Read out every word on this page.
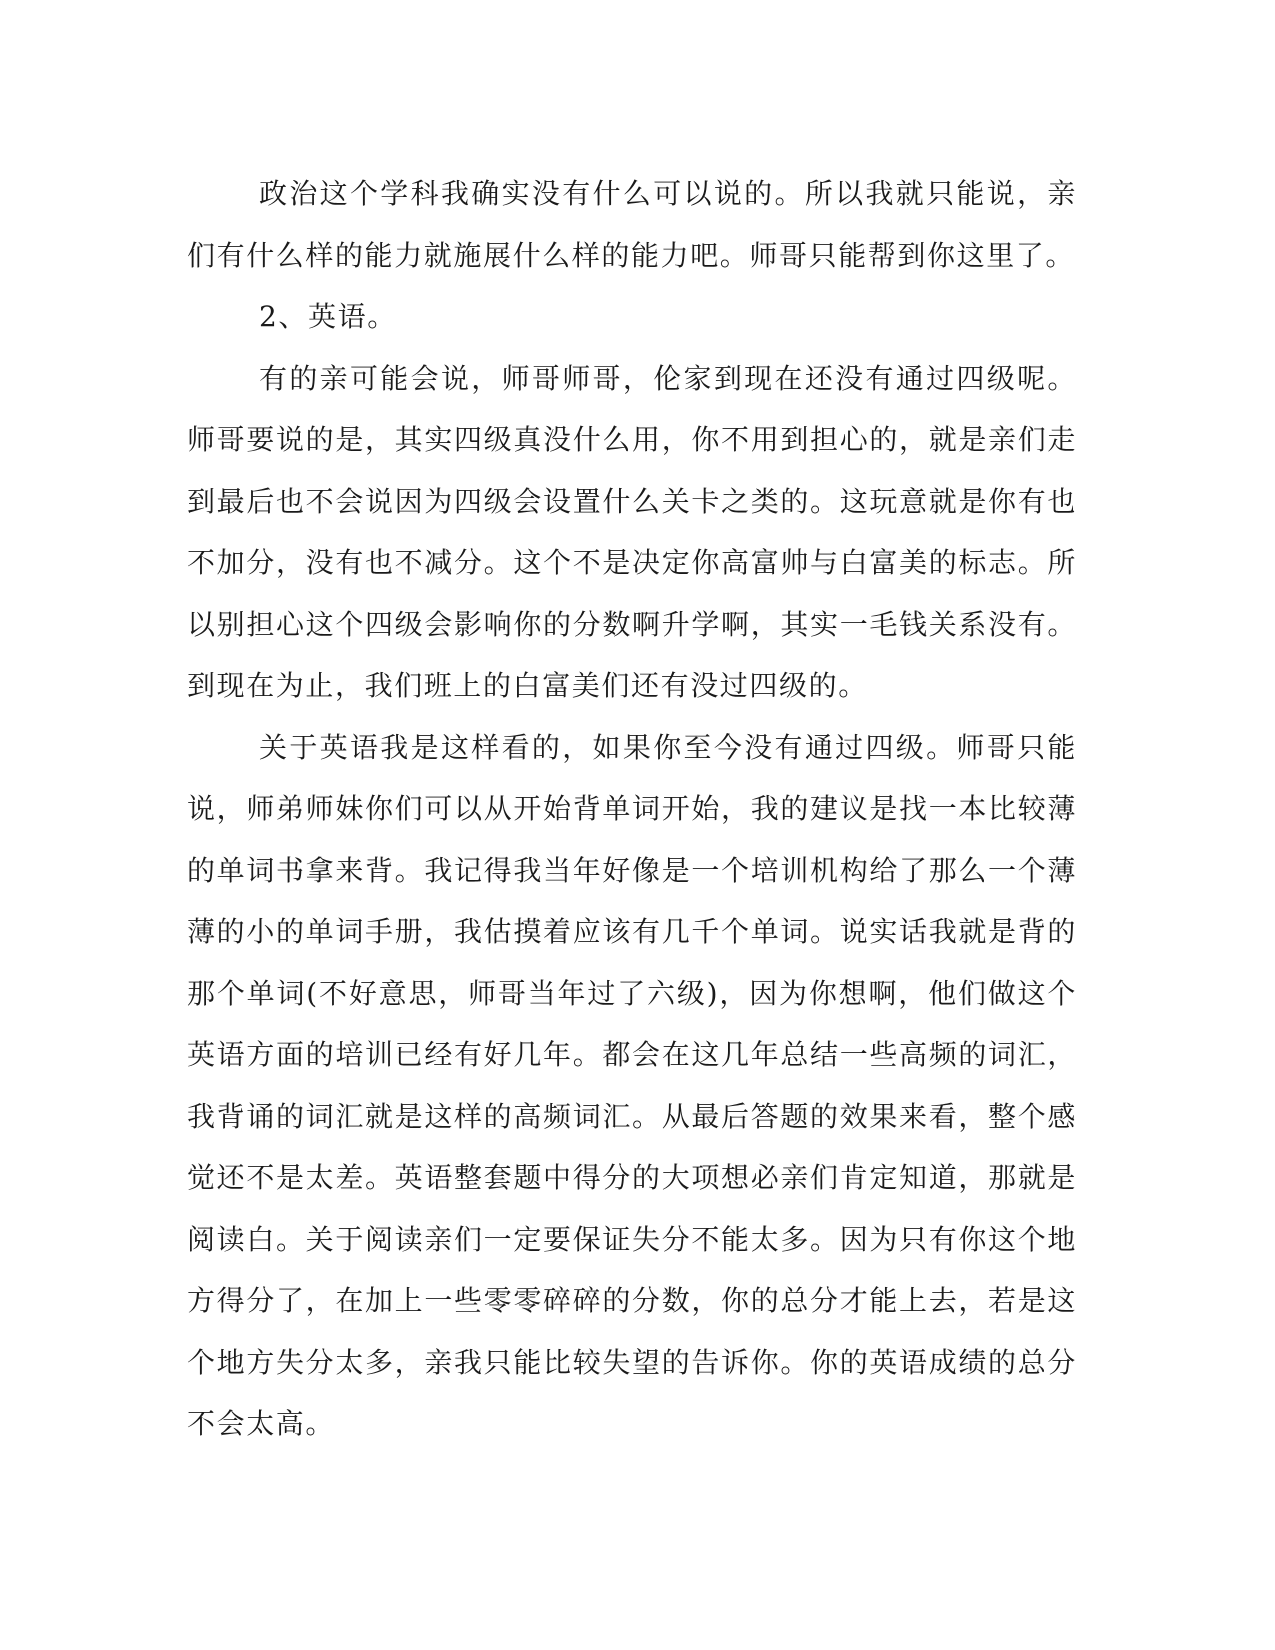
政治这个学科我确实没有什么可以说的。所以我就只能说，亲们有什么样的能力就施展什么样的能力吧。师哥只能帮到你这里了。

2、英语。

有的亲可能会说，师哥师哥，伦家到现在还没有通过四级呢。师哥要说的是，其实四级真没什么用，你不用到担心的，就是亲们走到最后也不会说因为四级会设置什么关卡之类的。这玩意就是你有也不加分，没有也不减分。这个不是决定你高富帅与白富美的标志。所以别担心这个四级会影响你的分数啊升学啊，其实一毛钱关系没有。到现在为止，我们班上的白富美们还有没过四级的。

关于英语我是这样看的，如果你至今没有通过四级。师哥只能说，师弟师妹你们可以从开始背单词开始，我的建议是找一本比较薄的单词书拿来背。我记得我当年好像是一个培训机构给了那么一个薄薄的小的单词手册，我估摸着应该有几千个单词。说实话我就是背的那个单词(不好意思，师哥当年过了六级)，因为你想啊，他们做这个英语方面的培训已经有好几年。都会在这几年总结一些高频的词汇，我背诵的词汇就是这样的高频词汇。从最后答题的效果来看，整个感觉还不是太差。英语整套题中得分的大项想必亲们肯定知道，那就是阅读白。关于阅读亲们一定要保证失分不能太多。因为只有你这个地方得分了，在加上一些零零碎碎的分数，你的总分才能上去，若是这个地方失分太多，亲我只能比较失望的告诉你。你的英语成绩的总分不会太高。
